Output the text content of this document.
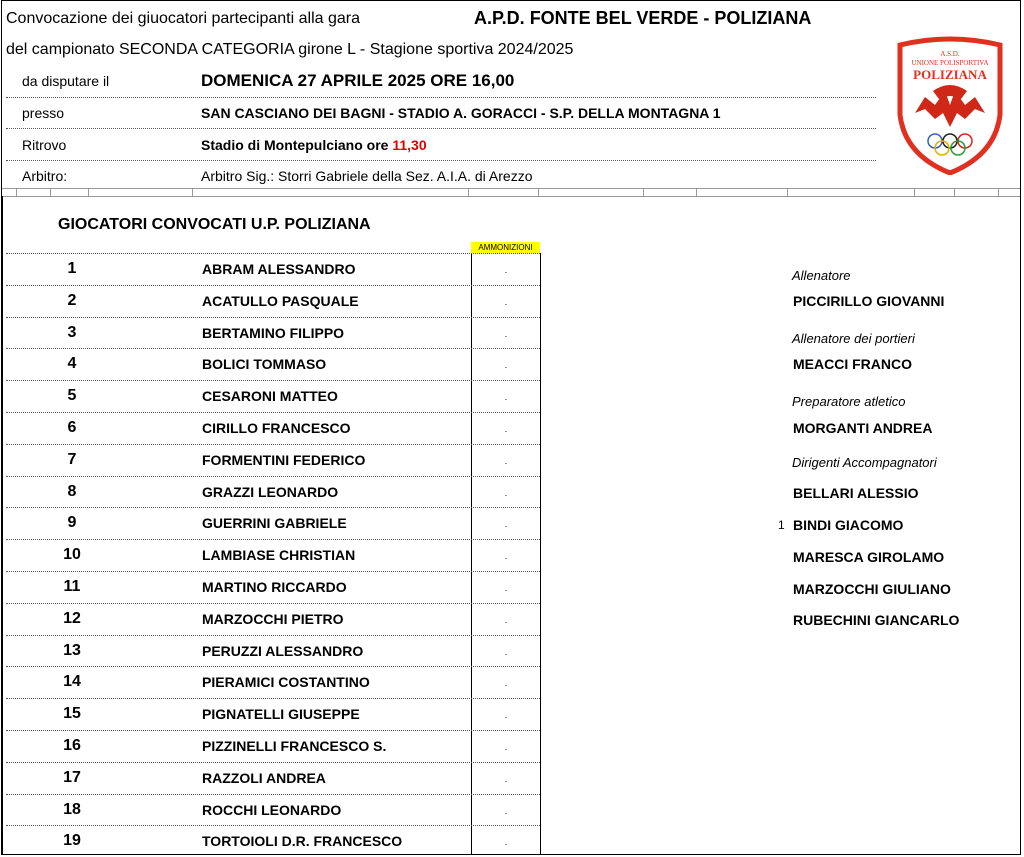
Convocazione dei giuocatori partecipanti alla gara	A.P.D. FONTE BEL VERDE - POLIZIANA
del campionato SECONDA CATEGORIA girone L - Stagione sportiva 2024/2025
da disputare il	DOMENICA 27 APRILE 2025 ORE 16,00
presso	SAN CASCIANO DEI BAGNI - STADIO A. GORACCI - S.P. DELLA MONTAGNA 1
Ritrovo	Stadio di Montepulciano ore 11,30
Arbitro:	Arbitro Sig.: Storri Gabriele della Sez. A.I.A. di Arezzo
A.S.D.
UNIONE POLISPORTIVA
POLIZIANA
GIOCATORI CONVOCATI U.P. POLIZIANA
AMMONIZIONI
1	ABRAM ALESSANDRO	.
2	ACATULLO PASQUALE	.
3	BERTAMINO FILIPPO	.
4	BOLICI TOMMASO	.
5	CESARONI MATTEO	.
6	CIRILLO FRANCESCO	.
7	FORMENTINI FEDERICO	.
8	GRAZZI LEONARDO	.
9	GUERRINI GABRIELE	.
10	LAMBIASE CHRISTIAN	.
11	MARTINO RICCARDO	.
12	MARZOCCHI PIETRO	.
13	PERUZZI ALESSANDRO	.
14	PIERAMICI COSTANTINO	.
15	PIGNATELLI GIUSEPPE	.
16	PIZZINELLI FRANCESCO S.	.
17	RAZZOLI ANDREA	.
18	ROCCHI LEONARDO	.
19	TORTOIOLI D.R. FRANCESCO	.
Allenatore
PICCIRILLO GIOVANNI
Allenatore dei portieri
MEACCI FRANCO
Preparatore atletico
MORGANTI ANDREA
Dirigenti Accompagnatori
1
BELLARI ALESSIO
BINDI GIACOMO
MARESCA GIROLAMO
MARZOCCHI GIULIANO
RUBECHINI GIANCARLO
